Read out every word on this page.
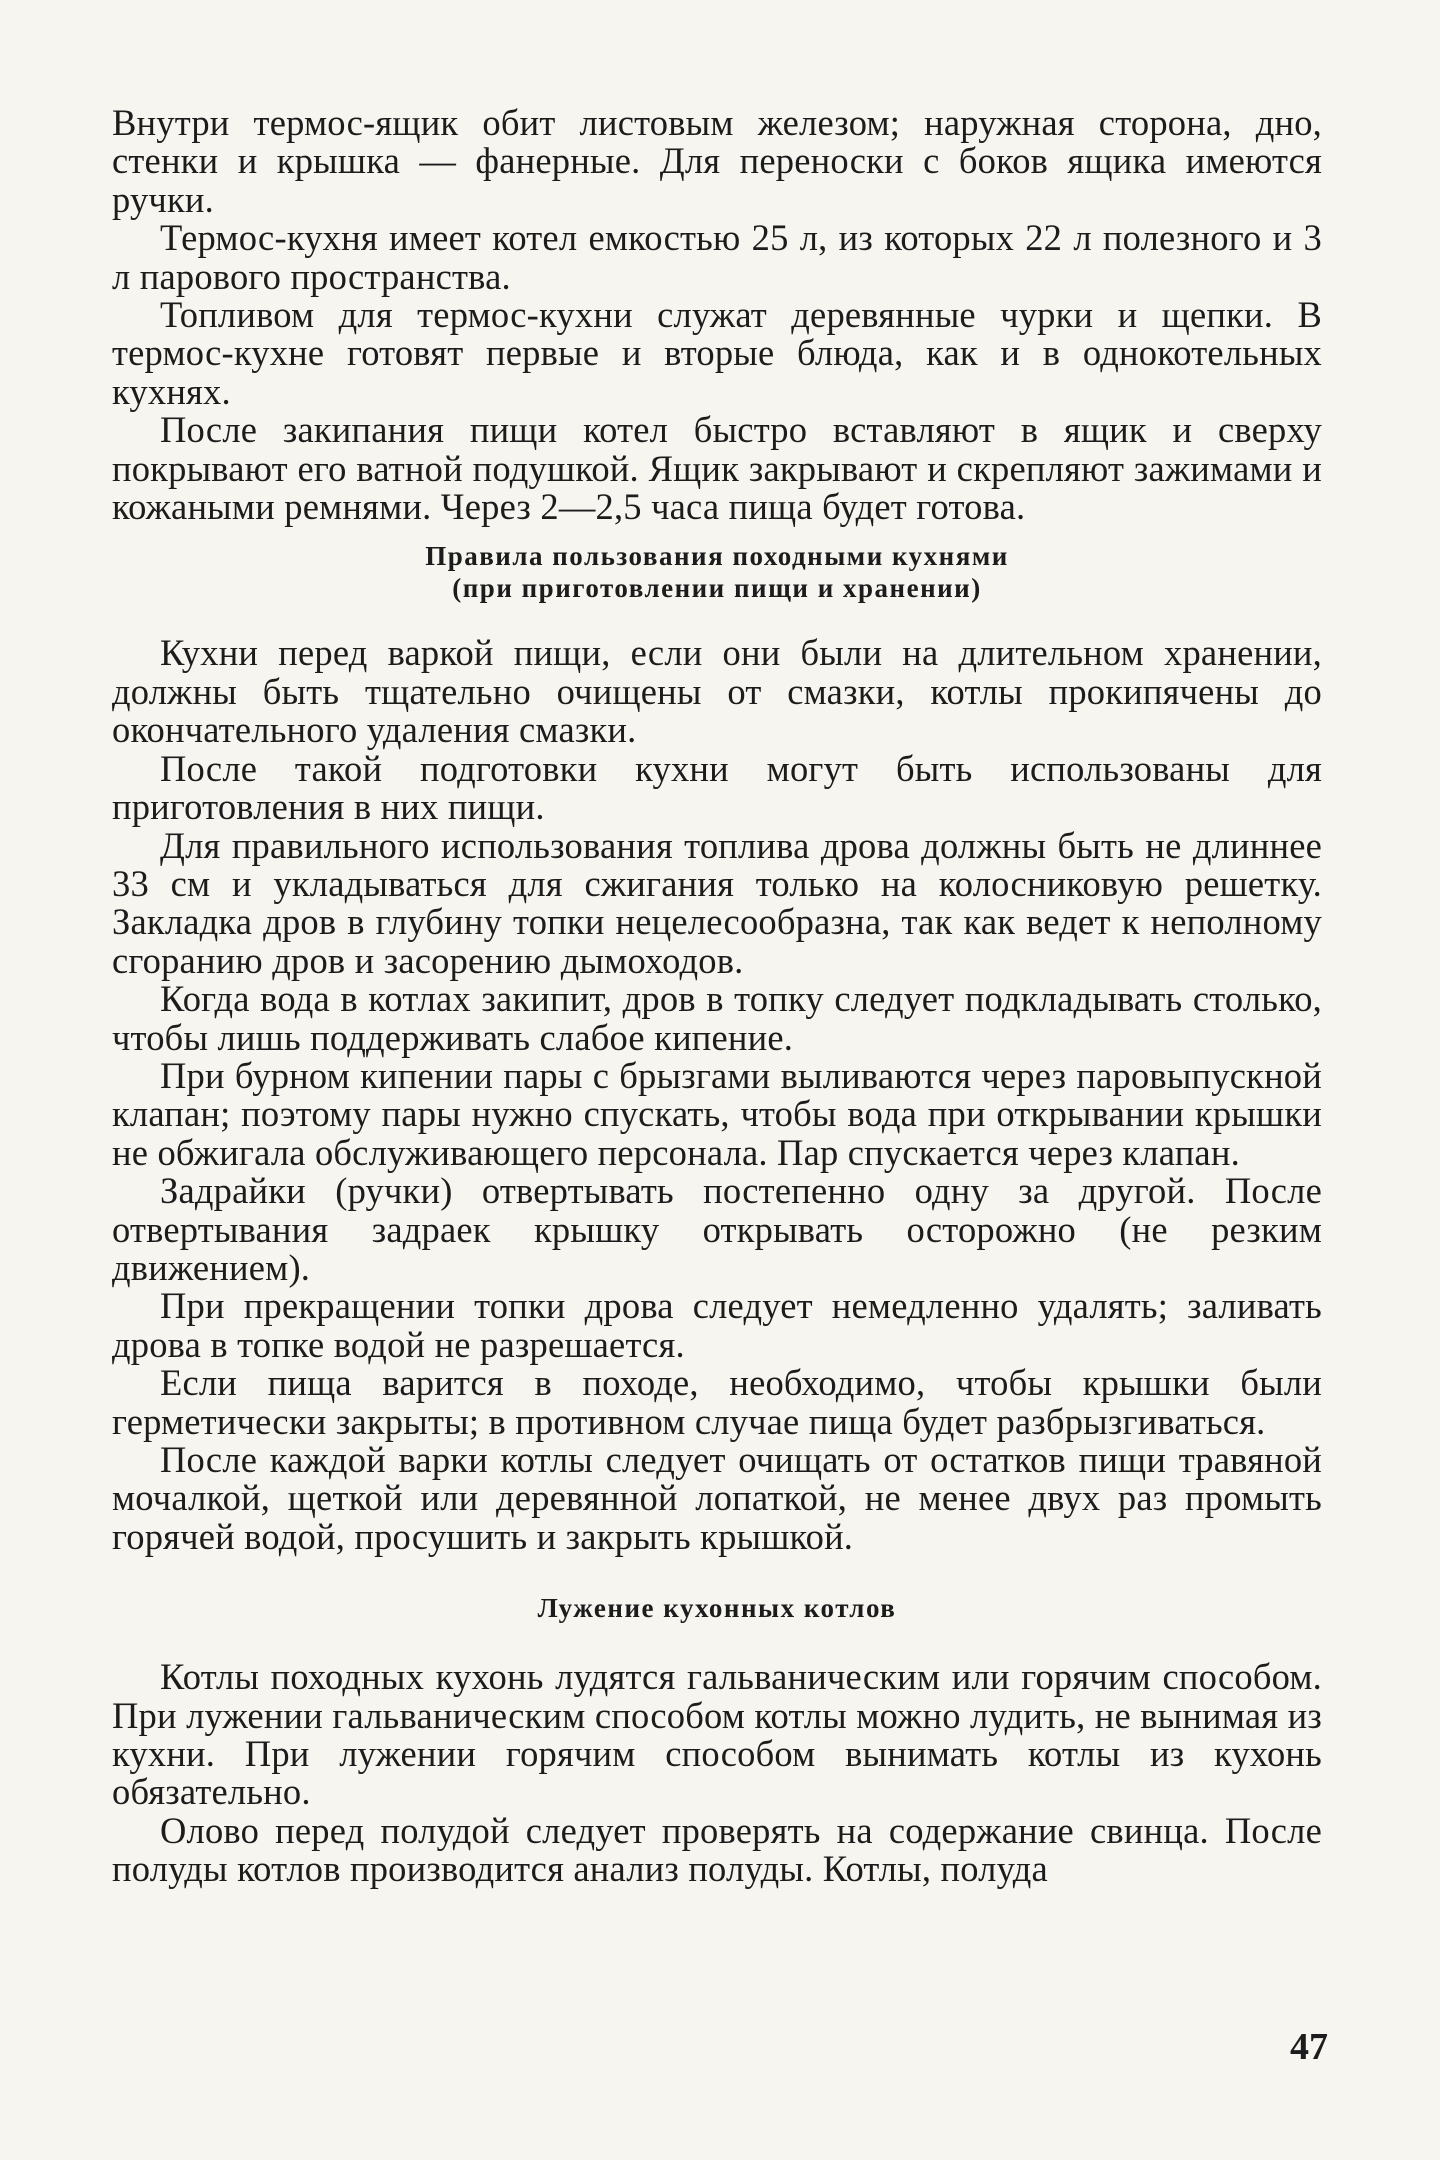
Внутри термос-ящик обит листовым железом; наружная сторона, дно, стенки и крышка — фанерные. Для переноски с боков ящика имеются ручки.

Термос-кухня имеет котел емкостью 25 л, из которых 22 л полезного и 3 л парового пространства.

Топливом для термос-кухни служат деревянные чурки и щепки. В термос-кухне готовят первые и вторые блюда, как и в однокотельных кухнях.

После закипания пищи котел быстро вставляют в ящик и сверху покрывают его ватной подушкой. Ящик закрывают и скрепляют зажимами и кожаными ремнями. Через 2—2,5 часа пища будет готова.

Правила пользования походными кухнями
(при приготовлении пищи и хранении)

Кухни перед варкой пищи, если они были на длительном хранении, должны быть тщательно очищены от смазки, котлы прокипячены до окончательного удаления смазки.

После такой подготовки кухни могут быть использованы для приготовления в них пищи.

Для правильного использования топлива дрова должны быть не длиннее 33 см и укладываться для сжигания только на колосниковую решетку. Закладка дров в глубину топки нецелесообразна, так как ведет к неполному сгоранию дров и засорению дымоходов.

Когда вода в котлах закипит, дров в топку следует подкладывать столько, чтобы лишь поддерживать слабое кипение.

При бурном кипении пары с брызгами выливаются через паровыпускной клапан; поэтому пары нужно спускать, чтобы вода при открывании крышки не обжигала обслуживающего персонала. Пар спускается через клапан.

Задрайки (ручки) отвертывать постепенно одну за другой. После отвертывания задраек крышку открывать осторожно (не резким движением).

При прекращении топки дрова следует немедленно удалять; заливать дрова в топке водой не разрешается.

Если пища варится в походе, необходимо, чтобы крышки были герметически закрыты; в противном случае пища будет разбрызгиваться.

После каждой варки котлы следует очищать от остатков пищи травяной мочалкой, щеткой или деревянной лопаткой, не менее двух раз промыть горячей водой, просушить и закрыть крышкой.

Лужение кухонных котлов

Котлы походных кухонь лудятся гальваническим или горячим способом. При лужении гальваническим способом котлы можно лудить, не вынимая из кухни. При лужении горячим способом вынимать котлы из кухонь обязательно.

Олово перед полудой следует проверять на содержание свинца. После полуды котлов производится анализ полуды. Котлы, полуда

47
